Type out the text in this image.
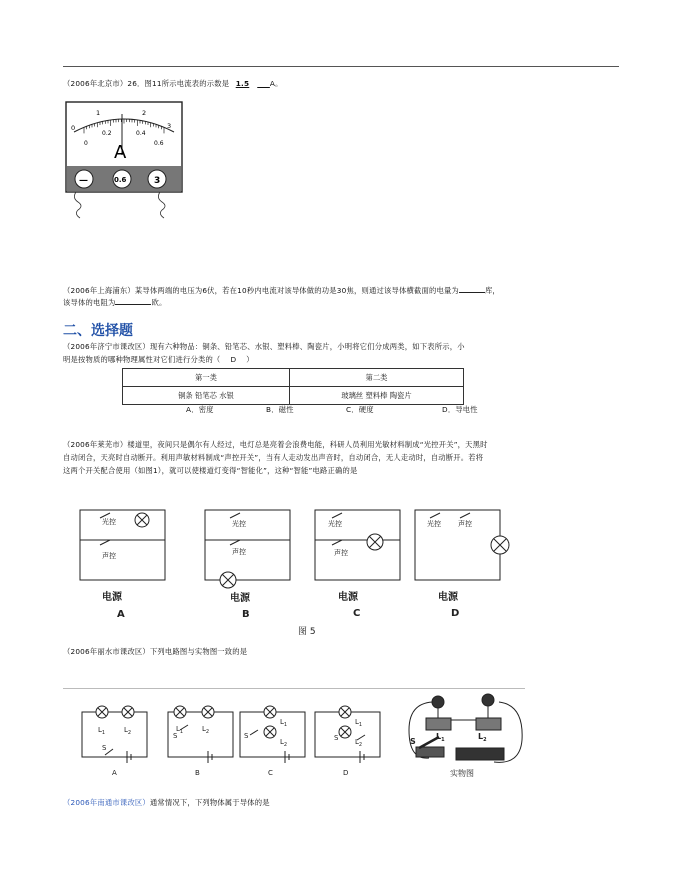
（2006年北京市）26．图11所示电流表的示数是 1.5	A。
0
1	2
3
0
0.2	0.4
0.6
A
—	0.6	3
（2006年上海浦东）某导体两端的电压为6伏，若在10秒内电流对该导体做的功是30焦，则通过该导体横截面的电量为	库，
该导体的电阻为	欧。
二、选择题
（2006年济宁市课改区）现有六种物品：铜条、铅笔芯、水银、塑料棒、陶瓷片，小明将它们分成两类，如下表所示，小
明是按物质的哪种物理属性对它们进行分类的（ D ）
第一类	第二类
铜条 铅笔芯 水银	玻璃丝 塑料棒 陶瓷片
A．密度	B．磁性	C．硬度	D．导电性
（2006年莱芜市）楼道里，夜间只是偶尔有人经过，电灯总是亮着会浪费电能，科研人员利用光敏材料制成“光控开关”，天黑时
自动闭合，天亮时自动断开。利用声敏材料制成“声控开关”，当有人走动发出声音时，自动闭合，无人走动时，自动断开。若将
这两个开关配合使用（如图1），就可以使楼道灯变得“智能化”，这种“智能”电路正确的是
光控
声控
光控
声控
光控
声控
光控 声控
电源	电源	电源	电源
A	B	C	D
图 5
（2006年丽水市课改区）下列电路图与实物图一致的是
$L_1$	$L_2$
S
$L_1$	$L_2$
S
$L_1$
$L_2$
S
$L_1$
$L_2$
S
A	B	C	D
$L_1$	$L_2$
S
实物图
（2006年南通市课改区）通常情况下，下列物体属于导体的是
